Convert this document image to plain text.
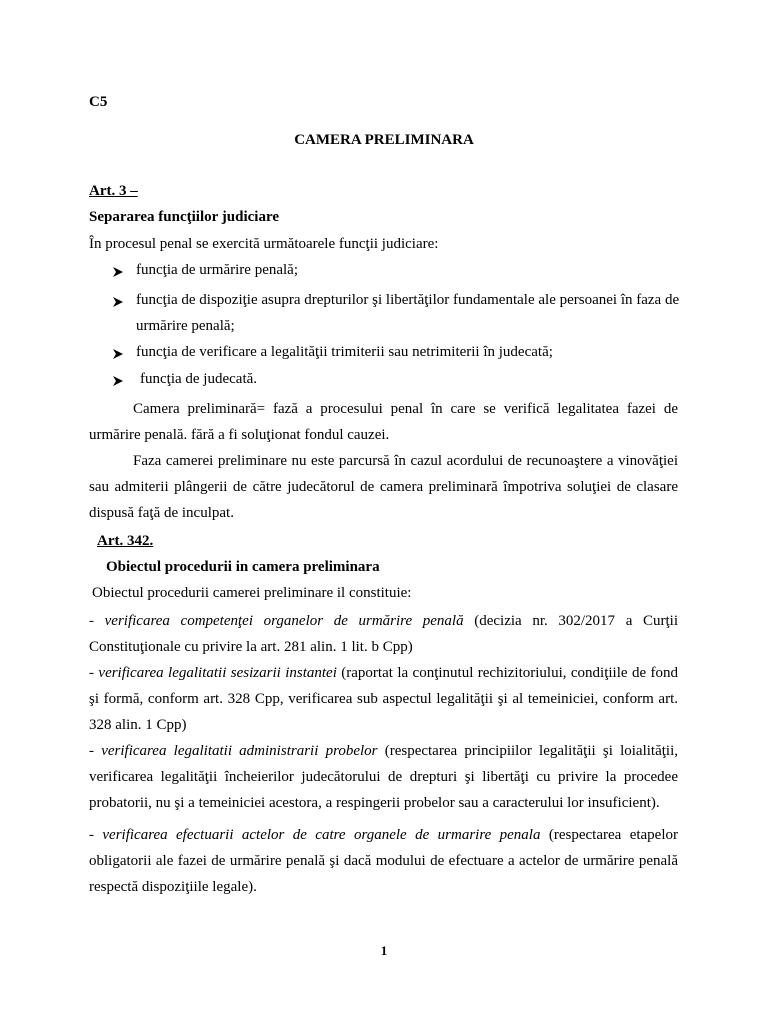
C5
CAMERA PRELIMINARA
Art. 3 –
Separarea funcţiilor judiciare
În procesul penal se exercită următoarele funcţii judiciare:
funcţia de urmărire penală;
funcţia de dispoziţie asupra drepturilor şi libertăţilor fundamentale ale persoanei în faza de
urmărire penală;
funcţia de verificare a legalităţii trimiterii sau netrimiterii în judecată;
funcţia de judecată.
Camera preliminară= fază a procesului penal în care se verifică legalitatea fazei de urmărire penală. fără a fi soluţionat fondul cauzei.
Faza camerei preliminare nu este parcursă în cazul acordului de recunoaştere a vinovăţiei sau admiterii plângerii de către judecătorul de camera preliminară împotriva soluţiei de clasare dispusă faţă de inculpat.
Art. 342.
Obiectul procedurii in camera preliminara
Obiectul procedurii camerei preliminare il constituie:
- verificarea competenţei organelor de urmărire penală (decizia nr. 302/2017 a Curţii Constituţionale cu privire la art. 281 alin. 1 lit. b Cpp)
- verificarea legalitatii sesizarii instantei (raportat la conţinutul rechizitoriului, condiţiile de fond şi formă, conform art. 328 Cpp, verificarea sub aspectul legalităţii şi al temeiniciei, conform art. 328 alin. 1 Cpp)
- verificarea legalitatii administrarii probelor (respectarea principiilor legalităţii şi loialităţii, verificarea legalităţii încheierilor judecătorului de drepturi şi libertăţi cu privire la procedee probatorii, nu şi a temeiniciei acestora, a respingerii probelor sau a caracterului lor insuficient).
- verificarea efectuarii actelor de catre organele de urmarire penala (respectarea etapelor obligatorii ale fazei de urmărire penală şi dacă modului de efectuare a actelor de urmărire penală respectă dispoziţiile legale).
1
